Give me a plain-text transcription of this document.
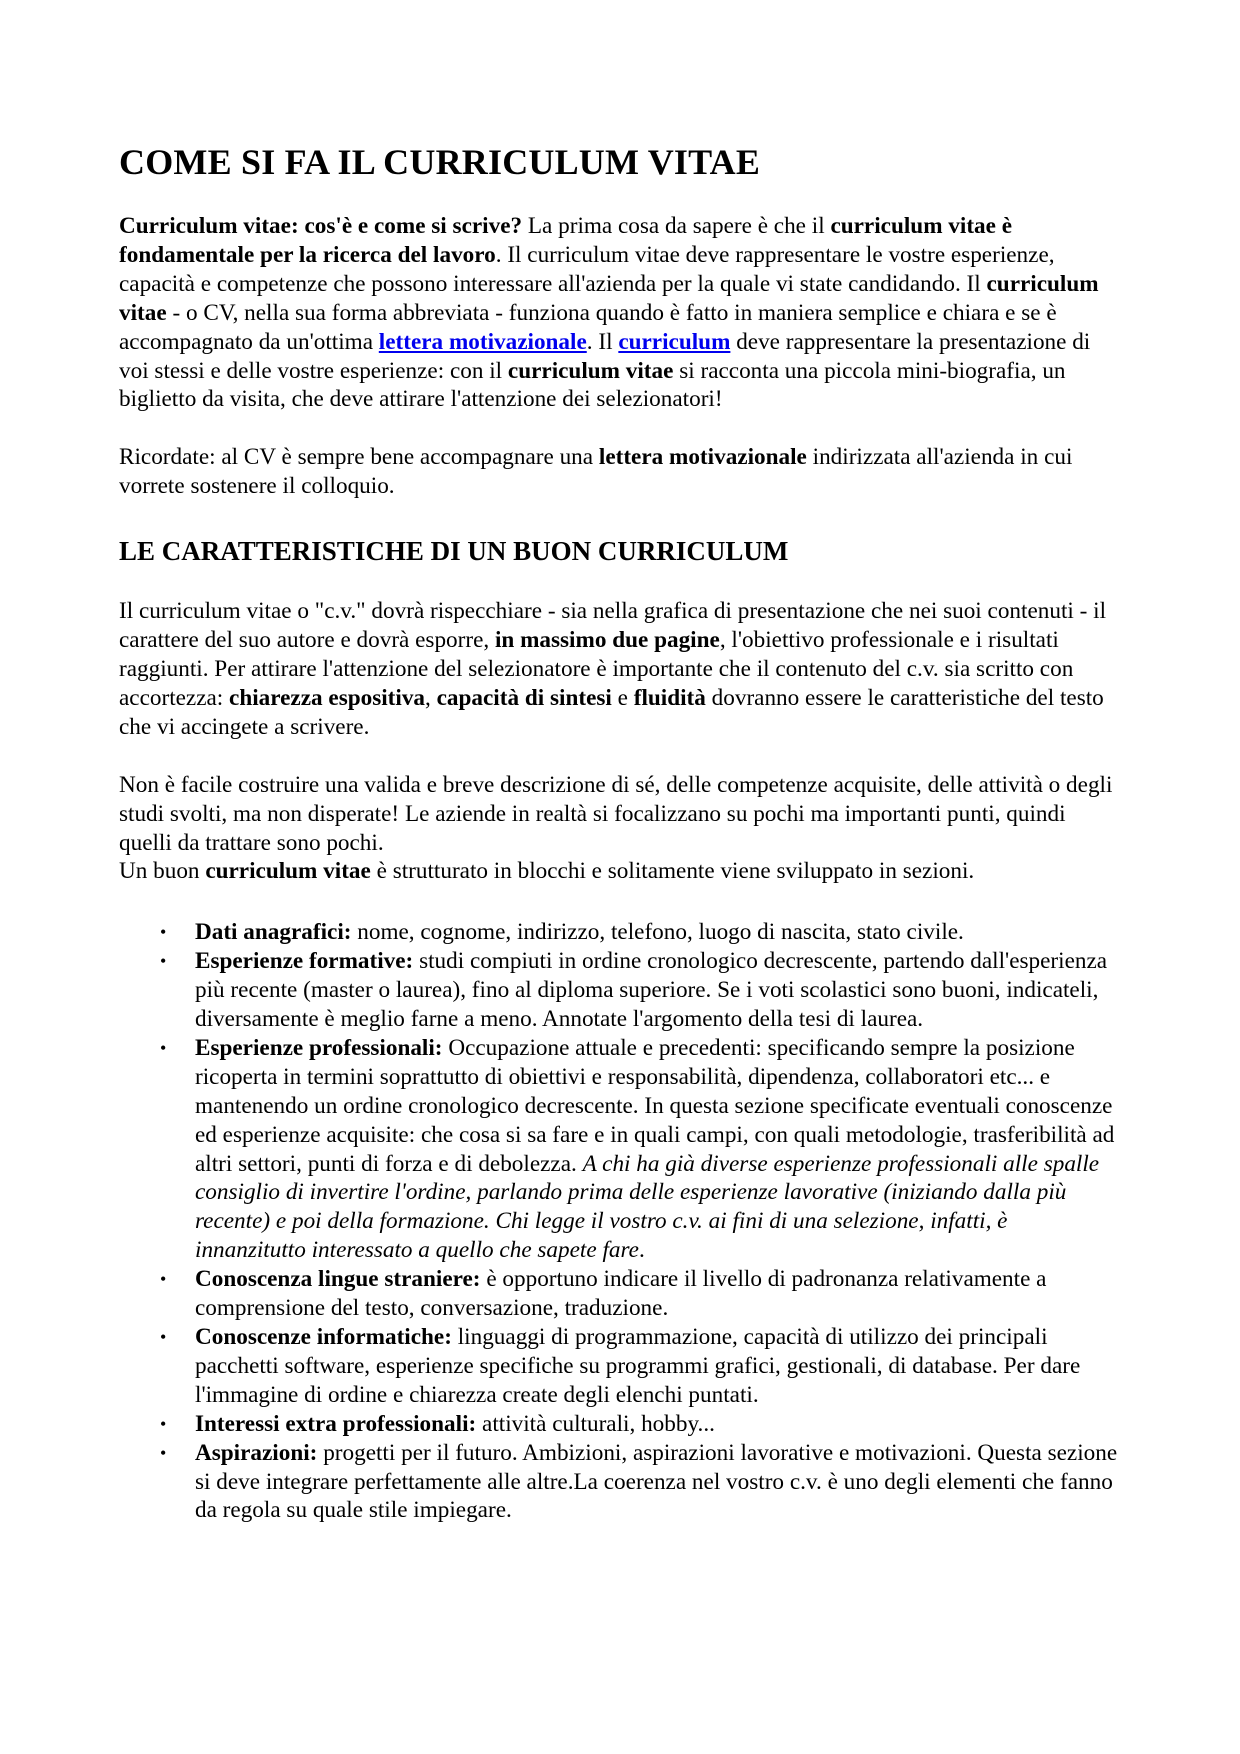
COME SI FA IL CURRICULUM VITAE

Curriculum vitae: cos'è e come si scrive? La prima cosa da sapere è che il curriculum vitae è fondamentale per la ricerca del lavoro. Il curriculum vitae deve rappresentare le vostre esperienze, capacità e competenze che possono interessare all'azienda per la quale vi state candidando. Il curriculum vitae - o CV, nella sua forma abbreviata - funziona quando è fatto in maniera semplice e chiara e se è accompagnato da un'ottima lettera motivazionale. Il curriculum deve rappresentare la presentazione di voi stessi e delle vostre esperienze: con il curriculum vitae si racconta una piccola mini-biografia, un biglietto da visita, che deve attirare l'attenzione dei selezionatori!

Ricordate: al CV è sempre bene accompagnare una lettera motivazionale indirizzata all'azienda in cui vorrete sostenere il colloquio.

LE CARATTERISTICHE DI UN BUON CURRICULUM

Il curriculum vitae o "c.v." dovrà rispecchiare - sia nella grafica di presentazione che nei suoi contenuti - il carattere del suo autore e dovrà esporre, in massimo due pagine, l'obiettivo professionale e i risultati raggiunti. Per attirare l'attenzione del selezionatore è importante che il contenuto del c.v. sia scritto con accortezza: chiarezza espositiva, capacità di sintesi e fluidità dovranno essere le caratteristiche del testo che vi accingete a scrivere.

Non è facile costruire una valida e breve descrizione di sé, delle competenze acquisite, delle attività o degli studi svolti, ma non disperate! Le aziende in realtà si focalizzano su pochi ma importanti punti, quindi quelli da trattare sono pochi.
Un buon curriculum vitae è strutturato in blocchi e solitamente viene sviluppato in sezioni.

• Dati anagrafici: nome, cognome, indirizzo, telefono, luogo di nascita, stato civile.
• Esperienze formative: studi compiuti in ordine cronologico decrescente, partendo dall'esperienza più recente (master o laurea), fino al diploma superiore. Se i voti scolastici sono buoni, indicateli, diversamente è meglio farne a meno. Annotate l'argomento della tesi di laurea.
• Esperienze professionali: Occupazione attuale e precedenti: specificando sempre la posizione ricoperta in termini soprattutto di obiettivi e responsabilità, dipendenza, collaboratori etc... e mantenendo un ordine cronologico decrescente. In questa sezione specificate eventuali conoscenze ed esperienze acquisite: che cosa si sa fare e in quali campi, con quali metodologie, trasferibilità ad altri settori, punti di forza e di debolezza. A chi ha già diverse esperienze professionali alle spalle consiglio di invertire l'ordine, parlando prima delle esperienze lavorative (iniziando dalla più recente) e poi della formazione. Chi legge il vostro c.v. ai fini di una selezione, infatti, è innanzitutto interessato a quello che sapete fare.
• Conoscenza lingue straniere: è opportuno indicare il livello di padronanza relativamente a comprensione del testo, conversazione, traduzione.
• Conoscenze informatiche: linguaggi di programmazione, capacità di utilizzo dei principali pacchetti software, esperienze specifiche su programmi grafici, gestionali, di database. Per dare l'immagine di ordine e chiarezza create degli elenchi puntati.
• Interessi extra professionali: attività culturali, hobby...
• Aspirazioni: progetti per il futuro. Ambizioni, aspirazioni lavorative e motivazioni. Questa sezione si deve integrare perfettamente alle altre.La coerenza nel vostro c.v. è uno degli elementi che fanno da regola su quale stile impiegare.
